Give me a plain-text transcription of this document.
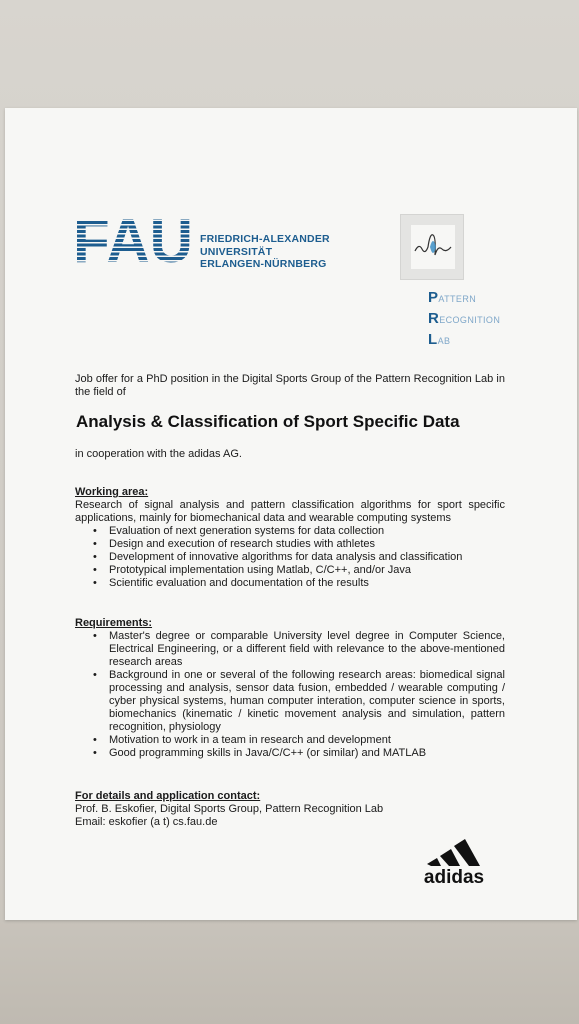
FAU FRIEDRICH-ALEXANDER
UNIVERSITÄT
ERLANGEN-NÜRNBERG
PATTERN
RECOGNITION
LAB
Job offer for a PhD position in the Digital Sports Group of the Pattern Recognition Lab in the field of
Analysis & Classification of Sport Specific Data
in cooperation with the adidas AG.
Working area:
Research of signal analysis and pattern classification algorithms for sport specific applications, mainly for biomechanical data and wearable computing systems
• Evaluation of next generation systems for data collection
• Design and execution of research studies with athletes
• Development of innovative algorithms for data analysis and classification
• Prototypical implementation using Matlab, C/C++, and/or Java
• Scientific evaluation and documentation of the results
Requirements:
• Master's degree or comparable University level degree in Computer Science, Electrical Engineering, or a different field with relevance to the above-mentioned research areas
• Background in one or several of the following research areas: biomedical signal processing and analysis, sensor data fusion, embedded / wearable computing / cyber physical systems, human computer interation, computer science in sports, biomechanics (kinematic / kinetic movement analysis and simulation, pattern recognition, physiology
• Motivation to work in a team in research and development
• Good programming skills in Java/C/C++ (or similar) and MATLAB
For details and application contact:
Prof. B. Eskofier, Digital Sports Group, Pattern Recognition Lab
Email: eskofier (a t) cs.fau.de
adidas
